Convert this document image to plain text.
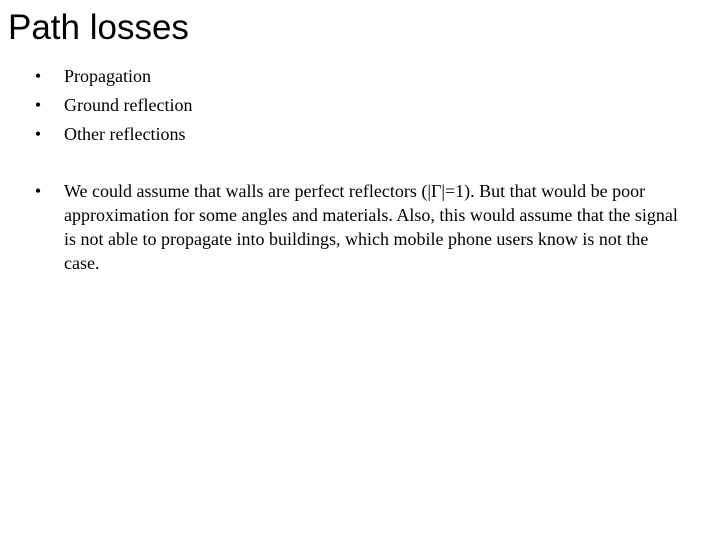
Path losses
•	Propagation
•	Ground reflection
•	Other reflections
•	We could assume that walls are perfect reflectors (|Γ|=1). But that would be poor approximation for some angles and materials. Also, this would assume that the signal is not able to propagate into buildings, which mobile phone users know is not the case.
